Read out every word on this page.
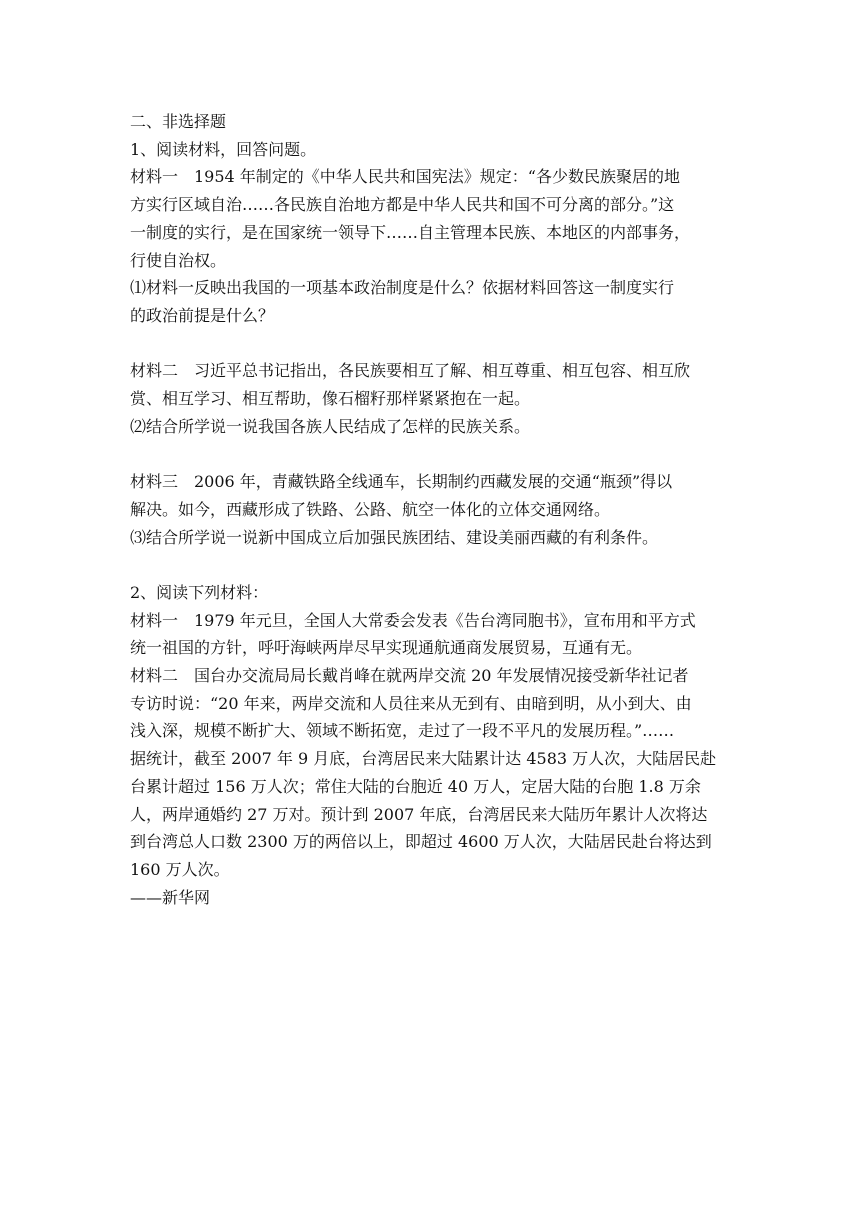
二、非选择题

1、阅读材料，回答问题。

材料一　1954 年制定的《中华人民共和国宪法》规定：“各少数民族聚居的地

方实行区域自治……各民族自治地方都是中华人民共和国不可分离的部分。”这

一制度的实行，是在国家统一领导下……自主管理本民族、本地区的内部事务，

行使自治权。

⑴材料一反映出我国的一项基本政治制度是什么？依据材料回答这一制度实行

的政治前提是什么？

材料二　习近平总书记指出，各民族要相互了解、相互尊重、相互包容、相互欣

赏、相互学习、相互帮助，像石榴籽那样紧紧抱在一起。

⑵结合所学说一说我国各族人民结成了怎样的民族关系。

材料三　2006 年，青藏铁路全线通车，长期制约西藏发展的交通“瓶颈”得以

解决。如今，西藏形成了铁路、公路、航空一体化的立体交通网络。

⑶结合所学说一说新中国成立后加强民族团结、建设美丽西藏的有利条件。

2、阅读下列材料：

材料一　1979 年元旦，全国人大常委会发表《告台湾同胞书》，宣布用和平方式

统一祖国的方针，呼吁海峡两岸尽早实现通航通商发展贸易，互通有无。

材料二　国台办交流局局长戴肖峰在就两岸交流 20 年发展情况接受新华社记者

专访时说：“20 年来，两岸交流和人员往来从无到有、由暗到明，从小到大、由

浅入深，规模不断扩大、领域不断拓宽，走过了一段不平凡的发展历程。”……

据统计，截至 2007 年 9 月底，台湾居民来大陆累计达 4583 万人次，大陆居民赴

台累计超过 156 万人次；常住大陆的台胞近 40 万人，定居大陆的台胞 1.8 万余

人，两岸通婚约 27 万对。预计到 2007 年底，台湾居民来大陆历年累计人次将达

到台湾总人口数 2300 万的两倍以上，即超过 4600 万人次，大陆居民赴台将达到

160 万人次。

——新华网
